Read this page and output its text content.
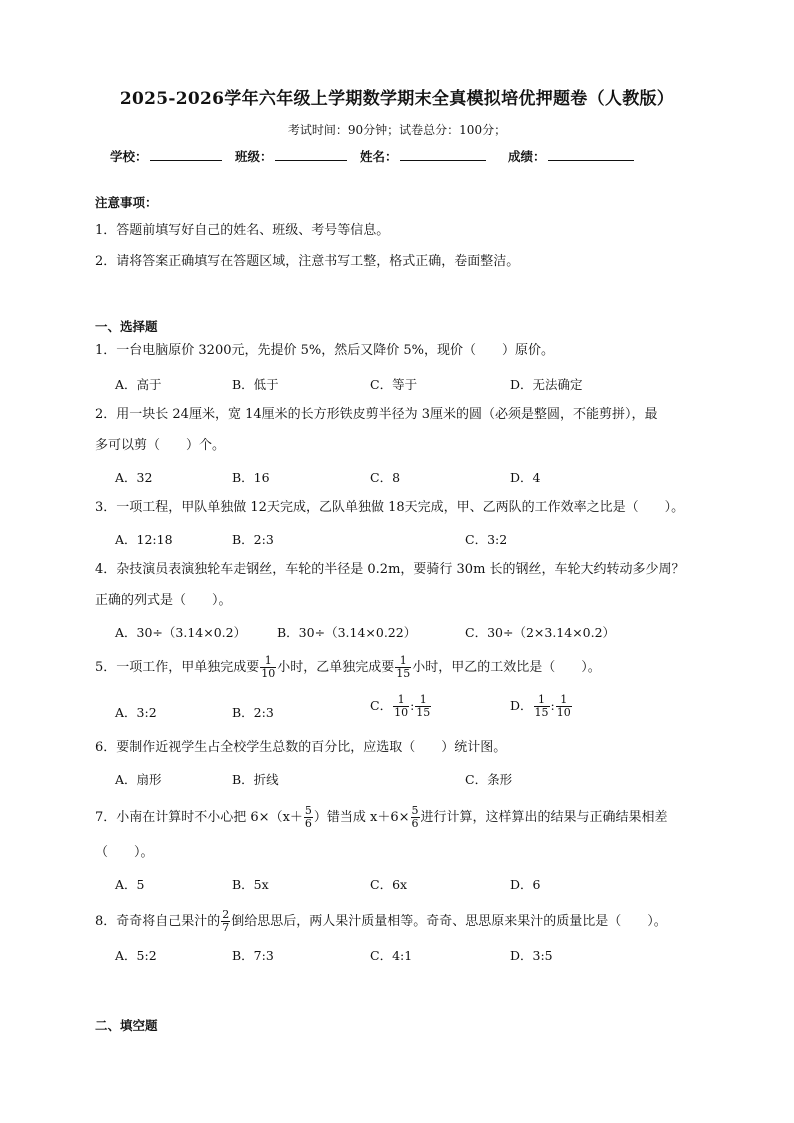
2025-2026学年六年级上学期数学期末全真模拟培优押题卷（人教版）
考试时间：90分钟；试卷总分：100分；
学校：	班级：	姓名：	成绩：
注意事项：
1．答题前填写好自己的姓名、班级、考号等信息。
2．请将答案正确填写在答题区域，注意书写工整，格式正确，卷面整洁。
一、选择题
1．一台电脑原价 3200元，先提价 5%，然后又降价 5%，现价（　　）原价。
A．高于	B．低于	C．等于	D．无法确定
2．用一块长 24厘米，宽 14厘米的长方形铁皮剪半径为 3厘米的圆（必须是整圆，不能剪拼），最
多可以剪（　　）个。
A．32	B．16	C．8	D．4
3．一项工程，甲队单独做 12天完成，乙队单独做 18天完成，甲、乙两队的工作效率之比是（　　）。
A．12:18	B．2:3	C．3:2
4．杂技演员表演独轮车走钢丝，车轮的半径是 0.2m，要骑行 30m 长的钢丝，车轮大约转动多少周？
正确的列式是（　　）。
A．30÷（3.14×0.2） B．30÷（3.14×0.22）	C．30÷（2×3.14×0.2）
5．一项工作，甲单独完成要 $\frac{1}{10}$ 小时，乙单独完成要 $\frac{1}{15}$ 小时，甲乙的工效比是（　　）。
A．3:2	B．2:3	C． $\frac{1}{10}$ : $\frac{1}{15}$	D． $\frac{1}{15}$ : $\frac{1}{10}$
6．要制作近视学生占全校学生总数的百分比，应选取（　　）统计图。
A．扇形	B．折线	C．条形
7．小南在计算时不小心把 $6\times(x+ \frac{5}{6}$ ）错当成 $x+6\times \frac{5}{6}$ 进行计算，这样算出的结果与正确结果相差
（　　）。
A．5	B．5x	C．6x	D．6
8．奇奇将自己果汁的 $\frac{2}{7}$ 倒给思思后，两人果汁质量相等。奇奇、思思原来果汁的质量比是（　　）。
A．5:2	B．7:3	C．4:1	D．3:5
二、填空题
